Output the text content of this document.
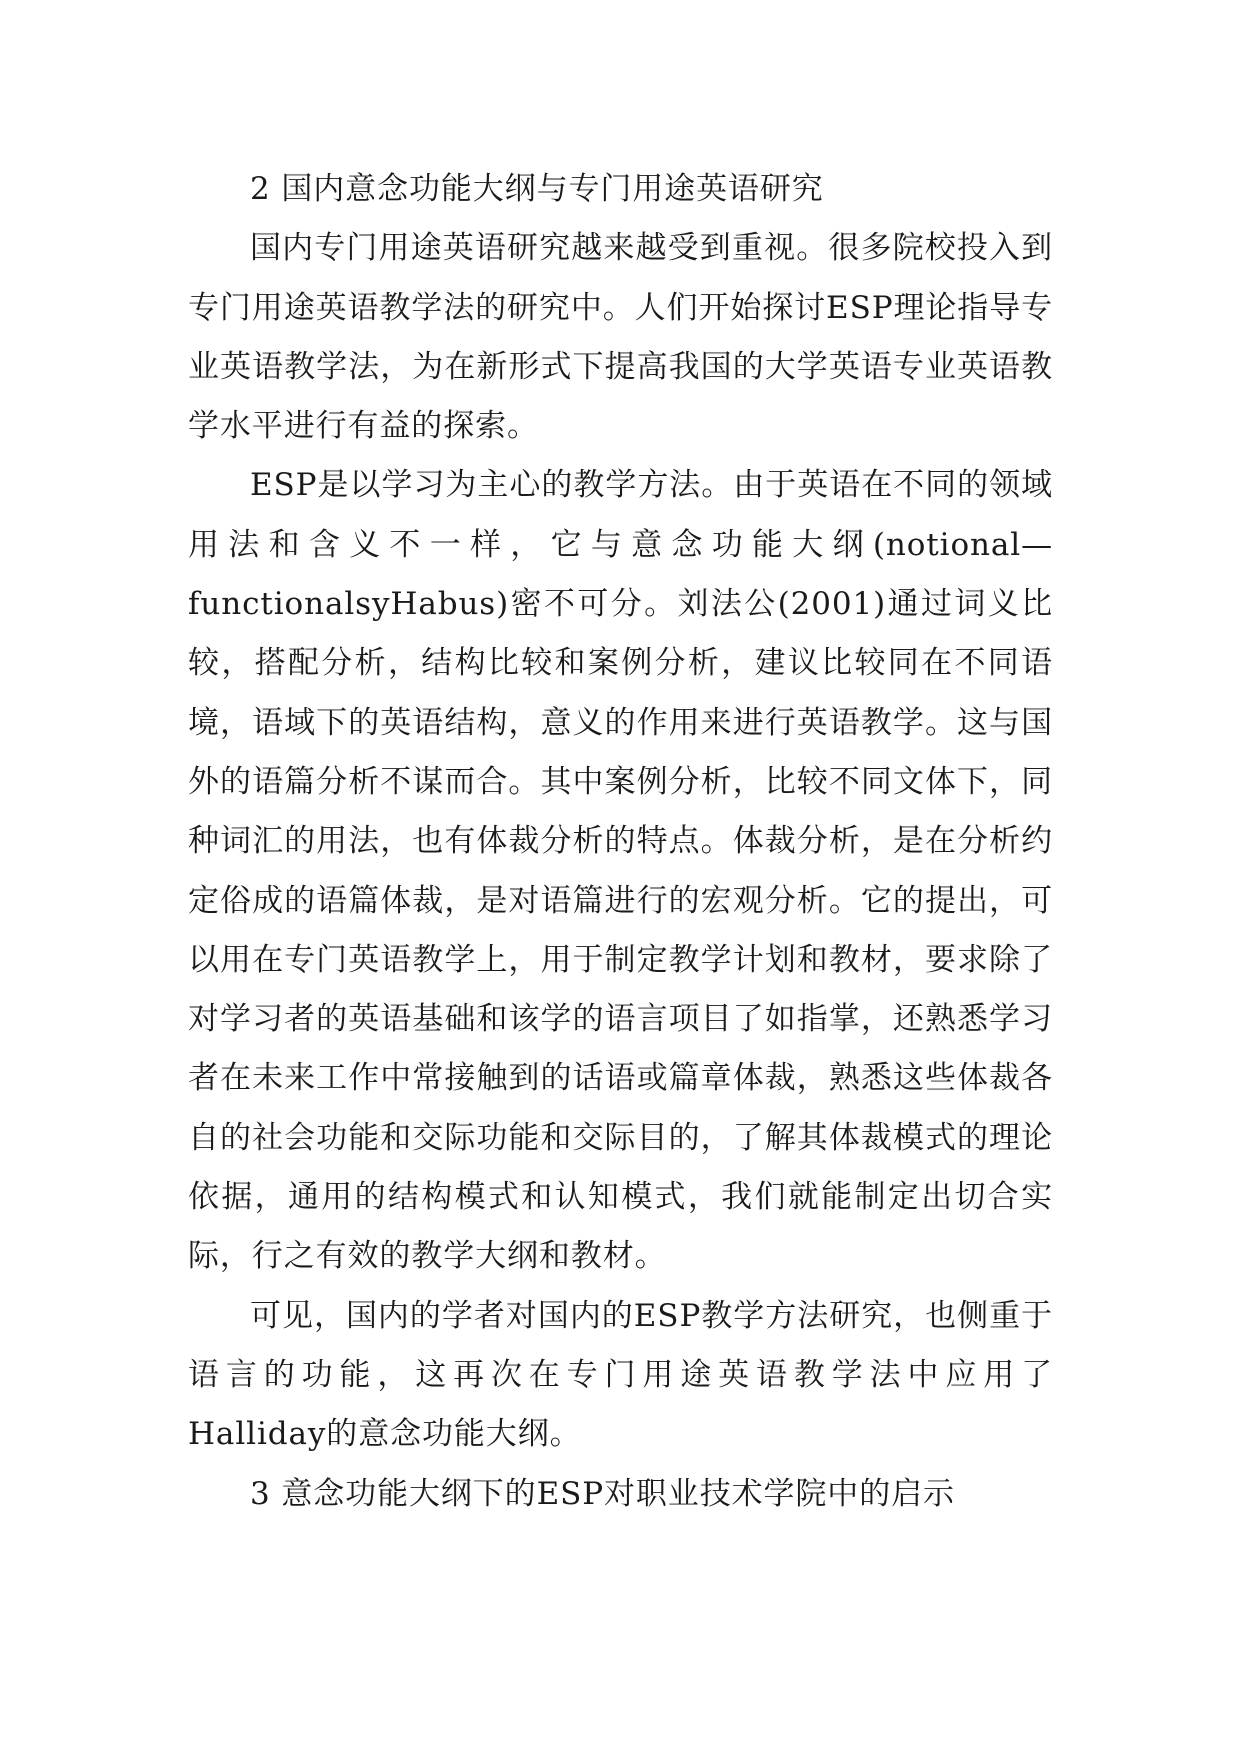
2 国内意念功能大纲与专门用途英语研究

国内专门用途英语研究越来越受到重视。很多院校投入到专门用途英语教学法的研究中。人们开始探讨ESP理论指导专业英语教学法，为在新形式下提高我国的大学英语专业英语教学水平进行有益的探索。

ESP是以学习为主心的教学方法。由于英语在不同的领域用法和含义不一样，它与意念功能大纲(notional—functionalsyHabus)密不可分。刘法公(2001)通过词义比较，搭配分析，结构比较和案例分析，建议比较同在不同语境，语域下的英语结构，意义的作用来进行英语教学。这与国外的语篇分析不谋而合。其中案例分析，比较不同文体下，同种词汇的用法，也有体裁分析的特点。体裁分析，是在分析约定俗成的语篇体裁，是对语篇进行的宏观分析。它的提出，可以用在专门英语教学上，用于制定教学计划和教材，要求除了对学习者的英语基础和该学的语言项目了如指掌，还熟悉学习者在未来工作中常接触到的话语或篇章体裁，熟悉这些体裁各自的社会功能和交际功能和交际目的，了解其体裁模式的理论依据，通用的结构模式和认知模式，我们就能制定出切合实际，行之有效的教学大纲和教材。

可见，国内的学者对国内的ESP教学方法研究，也侧重于语言的功能，这再次在专门用途英语教学法中应用了Halliday的意念功能大纲。

3 意念功能大纲下的ESP对职业技术学院中的启示
